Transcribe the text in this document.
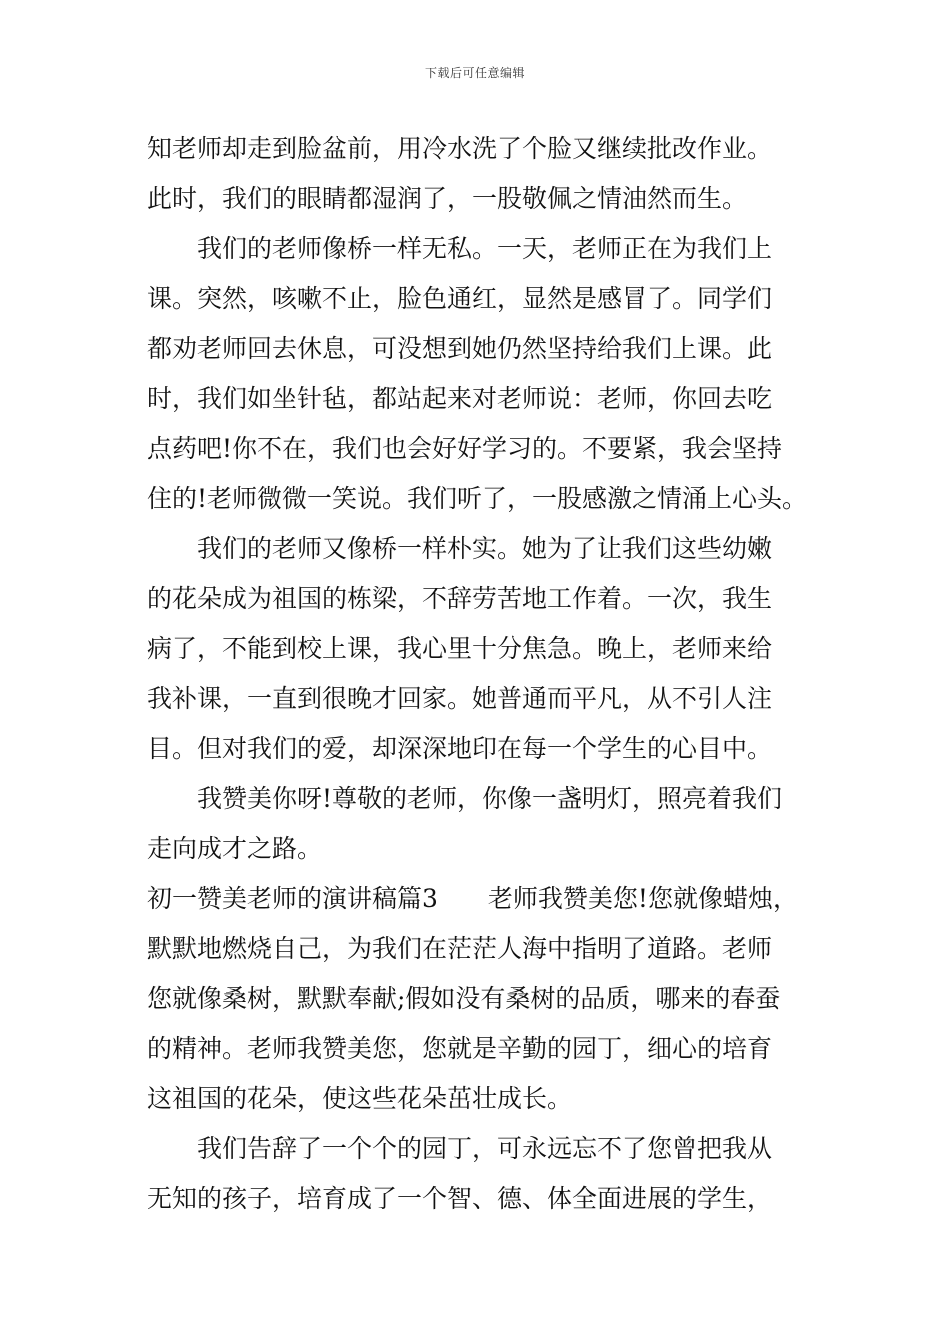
下载后可任意编辑
知老师却走到脸盆前，用冷水洗了个脸又继续批改作业。
此时，我们的眼睛都湿润了，一股敬佩之情油然而生。
我们的老师像桥一样无私。一天，老师正在为我们上
课。突然，咳嗽不止，脸色通红，显然是感冒了。同学们
都劝老师回去休息，可没想到她仍然坚持给我们上课。此
时，我们如坐针毡，都站起来对老师说：老师，你回去吃
点药吧!你不在，我们也会好好学习的。不要紧，我会坚持
住的!老师微微一笑说。我们听了，一股感激之情涌上心头。
我们的老师又像桥一样朴实。她为了让我们这些幼嫩
的花朵成为祖国的栋梁，不辞劳苦地工作着。一次，我生
病了，不能到校上课，我心里十分焦急。晚上，老师来给
我补课，一直到很晚才回家。她普通而平凡，从不引人注
目。但对我们的爱，却深深地印在每一个学生的心目中。
我赞美你呀!尊敬的老师，你像一盏明灯，照亮着我们
走向成才之路。
初一赞美老师的演讲稿篇3 老师我赞美您!您就像蜡烛，
默默地燃烧自己，为我们在茫茫人海中指明了道路。老师
您就像桑树，默默奉献;假如没有桑树的品质，哪来的春蚕
的精神。老师我赞美您，您就是辛勤的园丁，细心的培育
这祖国的花朵，使这些花朵茁壮成长。
我们告辞了一个个的园丁，可永远忘不了您曾把我从
无知的孩子，培育成了一个智、德、体全面进展的学生，
